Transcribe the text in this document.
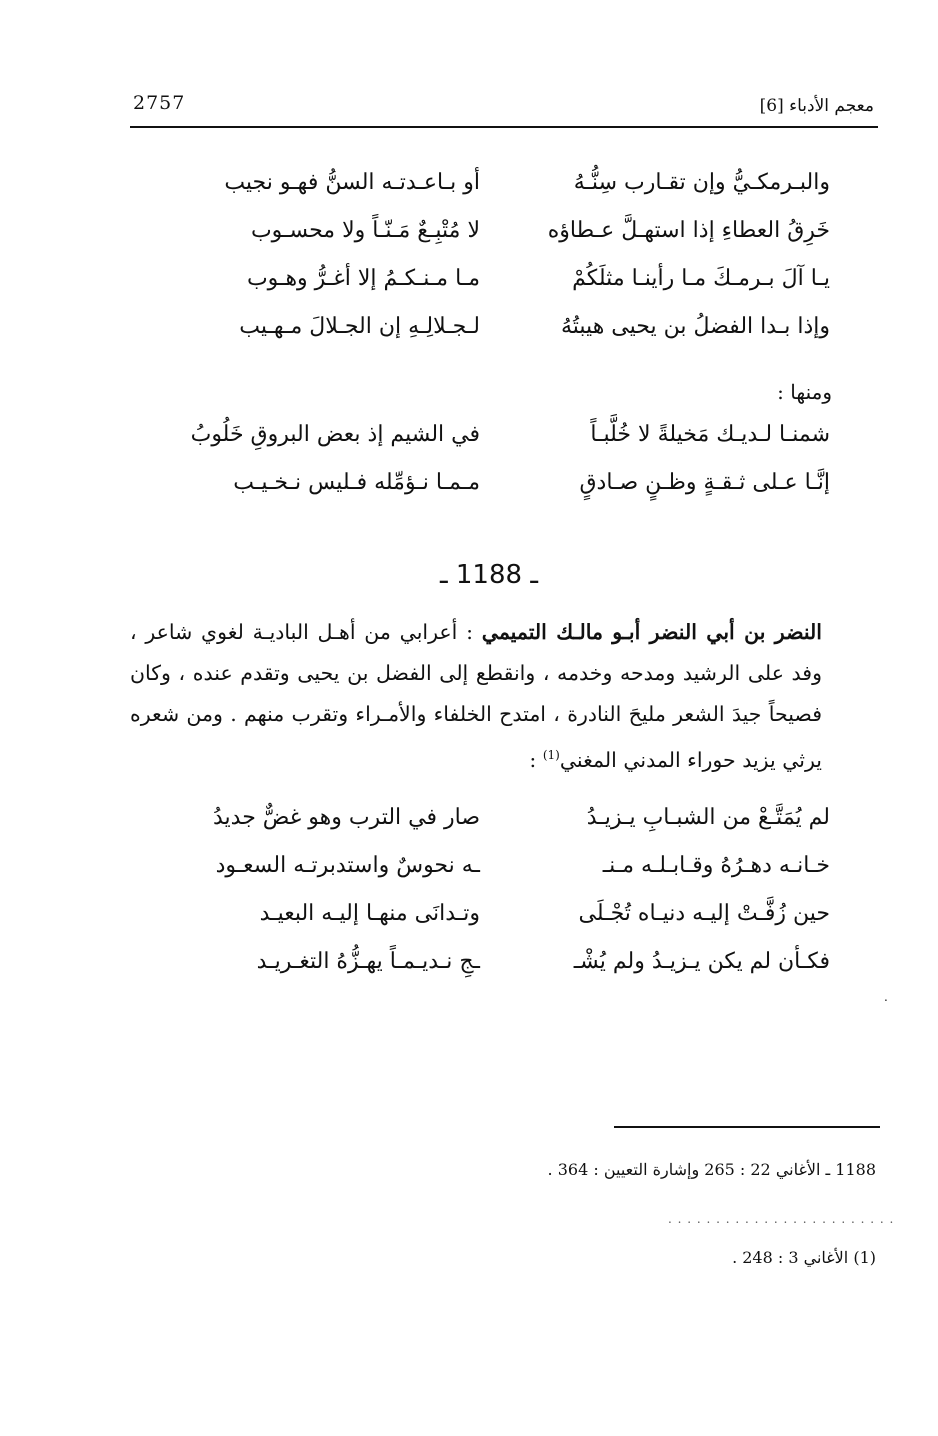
2757	معجم الأدباء [6]
والبـرمكـيُّ وإن تقـارب سِنُّـهُ
أو بـاعـدتـه السنُّ فهـو نجيب
خَرِقُ العطاءِ إذا استهـلَّ عـطاؤه
لا مُتْبِـعٌ مَـنّـاً ولا محسـوب
يـا آلَ بـرمـكَ مـا رأينـا مثلَكُمْ
مـا مـنـكـمُ إلا أغـرُّ وهـوب
وإذا بـدا الفضلُ بن يحيى هيبتُهُ
لـجـلالِـهِ إن الجـلالَ مـهـيب
ومنها :
شمنـا لـديـك مَخيلةً لا خُلَّبـاً
في الشيم إذ بعض البروقِ خَلُوبُ
إنَّـا عـلى ثـقـةٍ وظـنٍ صـادقٍ
مـمـا نـؤمِّله فـليس نـخـيـب
ـ 1188 ـ
النضر بن أبي النضر أبـو مالـك التميمي : أعرابي من أهـل الباديـة لغوي شاعر ، وفد على الرشيد ومدحه وخدمه ، وانقطع إلى الفضل بن يحيى وتقدم عنده ، وكان فصيحاً جيدَ الشعر مليحَ النادرة ، امتدح الخلفاء والأمـراء وتقرب منهم . ومن شعره يرثي يزيد حوراء المدني المغني$^{(1)}$ :
لم يُمَتَّـعْ من الشبـابِ يـزيـدُ
صار في الترب وهو غضٌّ جديدُ
خـانـه دهـرُهُ وقـابـلـه مـنـ
ـه نحوسٌ واستدبرتـه السعـود
حين زُفَّـتْ إليـه دنيـاه تُجْـلَى
وتـدانَى منهـا إليـه البعيـد
فكـأن لم يكن يـزيـدُ ولم يُشْـ
ـجِ نـديـمـاً يهـزُّهُ التغـريـد
.
1188 ـ الأغاني 22 : 265 وإشارة التعيين : 364 .
. . . . . . . . . . . . . . . . . . . . . . . .
(1) الأغاني 3 : 248 .
